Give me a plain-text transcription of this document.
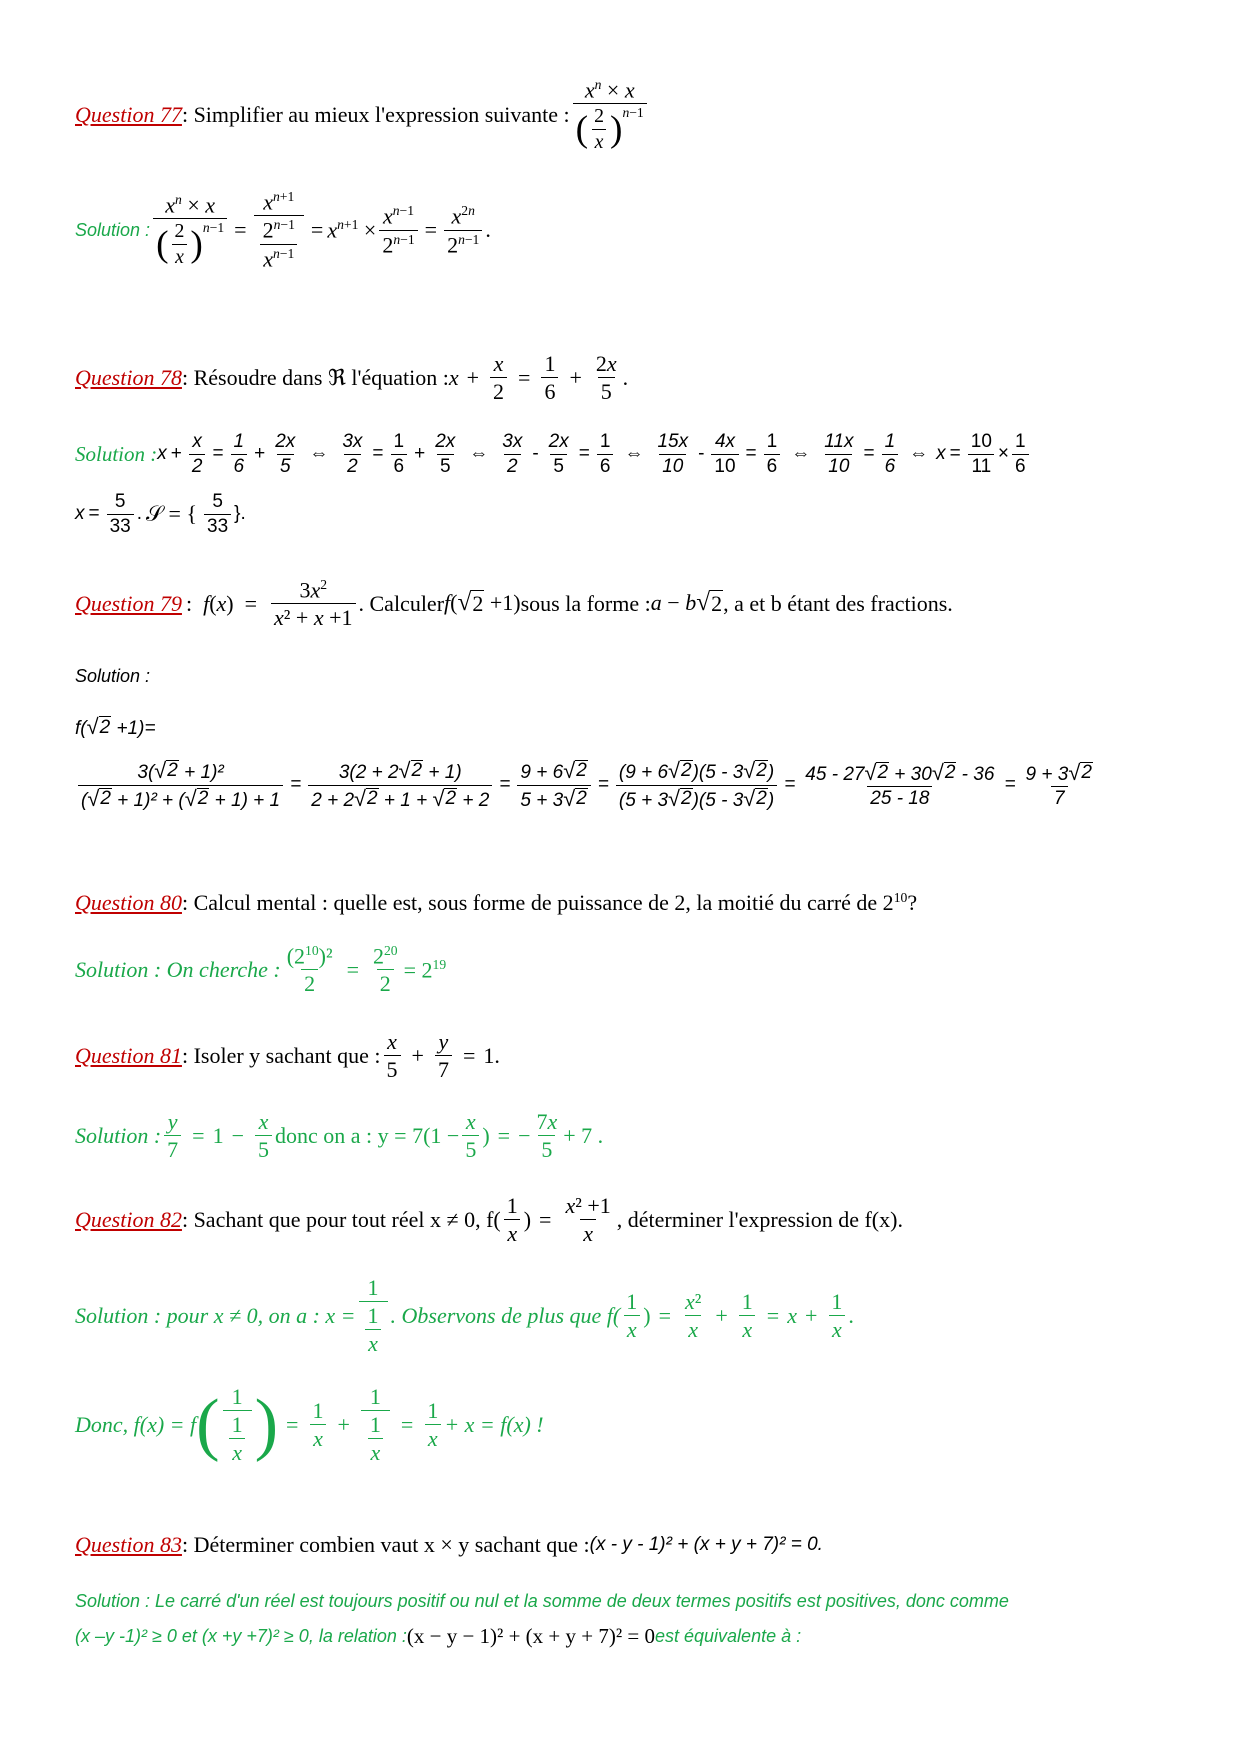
Question 77 : Simplifier au mieux l'expression suivante :
$x^n \times x$
( 2
x ) $^{n-1}$
Solution : $x^n \times x$
( 2
x ) $^{n-1} = \frac{x^{n+1}}{\frac{2^{n-1}}{x^{n-1}}} = x^{n+1} \times \frac{x^{n-1}}{2^{n-1}} = \frac{x^{2n}}{2^{n-1}}$ .
Question 78 : Résoudre dans ℜ l'équation : $x + \frac{x}{2} = \frac{1}{6} + \frac{2x}{5}$ .
Solution : $x + \frac{x}{2} = \frac{1}{6} + \frac{2x}{5}$ ⇔ $\frac{3x}{2} = \frac{1}{6} + \frac{2x}{5}$ ⇔
3x
2
- $\frac{2x}{5} = \frac{1}{6}$ ⇔
15x
10
- $\frac{4x}{10} = \frac{1}{6}$ ⇔ $\frac{11x}{10} = \frac{1}{6}$ ⇔ $x = \frac{10}{11} \times \frac{1}{6}$
$x = \frac{5}{33}$ . 𝒮 = { 5
33
}.
Question 79 :  $f(x) = \frac{3x^2}{\text{x² + x +1}}$ . Calculer f( √ 2 +1) sous la forme : a − b √ 2 , a et b étant des fractions.
Solution :
f( √ 2 +1)=
$\frac{\text{3( √ 2 + 1)²}}{\text{( √ 2 + 1)² + ( √ 2 + 1) + 1}} = \frac{3(2 + 2 √ 2 + 1)}{2 + 2 √ 2 + 1 + √ 2 + 2} = \frac{9 + 6 √ 2}{5 + 3 √ 2} = \frac{(9 + 6 √ 2 )(5 - 3 √ 2 )}{(5 + 3 √ 2 )(5 - 3 √ 2 )} = \frac{45 - 27 √ 2 + 30 √ 2 - 36}{25 - 18} = \frac{9 + 3 √ 2}{7}$
Question 80 : Calcul mental : quelle est, sous forme de puissance de 2, la moitié du carré de $2^{10}$ ?
Solution : On cherche : $\frac{(2^{10})^2}{2} = \frac{2^{20}}{2} = 2^{19}$
Question 81 : Isoler y sachant que :
x
5
+ $\frac{y}{7} = 1$.
Solution : $\frac{y}{7} = 1 - \frac{x}{5}$ donc on a : $y = 7(1 - \frac{x}{5}$ ) = − $\frac{7x}{5} + 7$ .
Question 82 : Sachant que pour tout réel x ≠ 0, f(
1
x
) = $\frac{\text{x² +1}}{x}$ , déterminer l'expression de f(x).
Solution : pour x ≠ 0, on a : $x = \frac{1}{\frac{1}{x}}$ . Observons de plus que f(
1
x
) = $\frac{\text{x²}}{x} + \frac{1}{x} = x + \frac{1}{x}$ .
Donc, f(x) = f ( 1
$\frac{1}{x}$ ) = $\frac{1}{x} + \frac{1}{\frac{1}{x}} = \frac{1}{x} + x = f(x)$ !
Question 83 : Déterminer combien vaut x × y sachant que : (x - y - 1)² + (x + y + 7)² = 0.
Solution : Le carré d'un réel est toujours positif ou nul et la somme de deux termes positifs est positives, donc comme
(x –y -1)² ≥ 0 et (x +y +7)² ≥ 0, la relation : (x − y − 1)² + (x + y + 7)² = 0 est équivalente à :
